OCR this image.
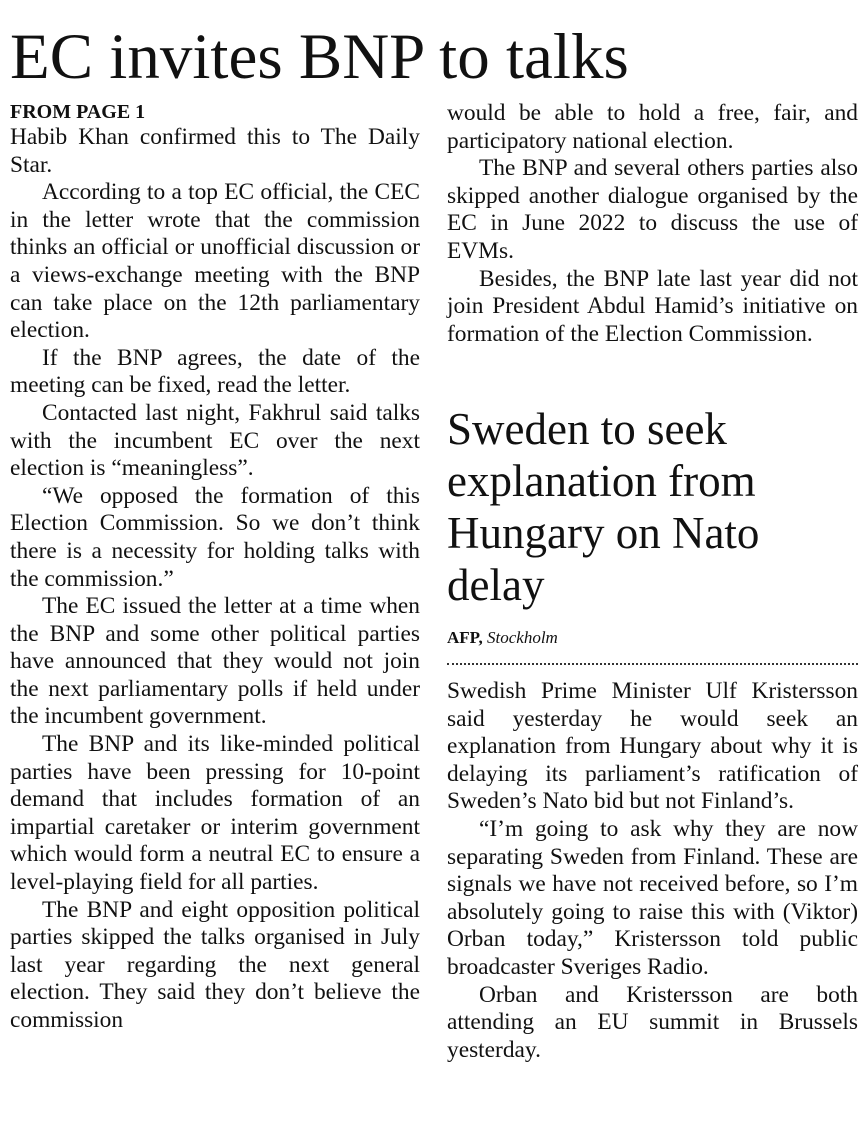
EC invites BNP to talks

FROM PAGE 1

Habib Khan confirmed this to The Daily Star.

According to a top EC official, the CEC in the letter wrote that the commission thinks an official or unofficial discussion or a views-exchange meeting with the BNP can take place on the 12th parliamentary election.

If the BNP agrees, the date of the meeting can be fixed, read the letter.

Contacted last night, Fakhrul said talks with the incumbent EC over the next election is “meaningless”.

“We opposed the formation of this Election Commission. So we don’t think there is a necessity for holding talks with the commission.”

The EC issued the letter at a time when the BNP and some other political parties have announced that they would not join the next parliamentary polls if held under the incumbent government.

The BNP and its like-minded political parties have been pressing for 10-point demand that includes formation of an impartial caretaker or interim government which would form a neutral EC to ensure a level-playing field for all parties.

The BNP and eight opposition political parties skipped the talks organised in July last year regarding the next general election. They said they don’t believe the commission

would be able to hold a free, fair, and participatory national election.

The BNP and several others parties also skipped another dialogue organised by the EC in June 2022 to discuss the use of EVMs.

Besides, the BNP late last year did not join President Abdul Hamid’s initiative on formation of the Election Commission.

Sweden to seek explanation from Hungary on Nato delay
AFP, Stockholm

Swedish Prime Minister Ulf Kristersson said yesterday he would seek an explanation from Hungary about why it is delaying its parliament’s ratification of Sweden’s Nato bid but not Finland’s.

“I’m going to ask why they are now separating Sweden from Finland. These are signals we have not received before, so I’m absolutely going to raise this with (Viktor) Orban today,” Kristersson told public broadcaster Sveriges Radio.

Orban and Kristersson are both attending an EU summit in Brussels yesterday.
